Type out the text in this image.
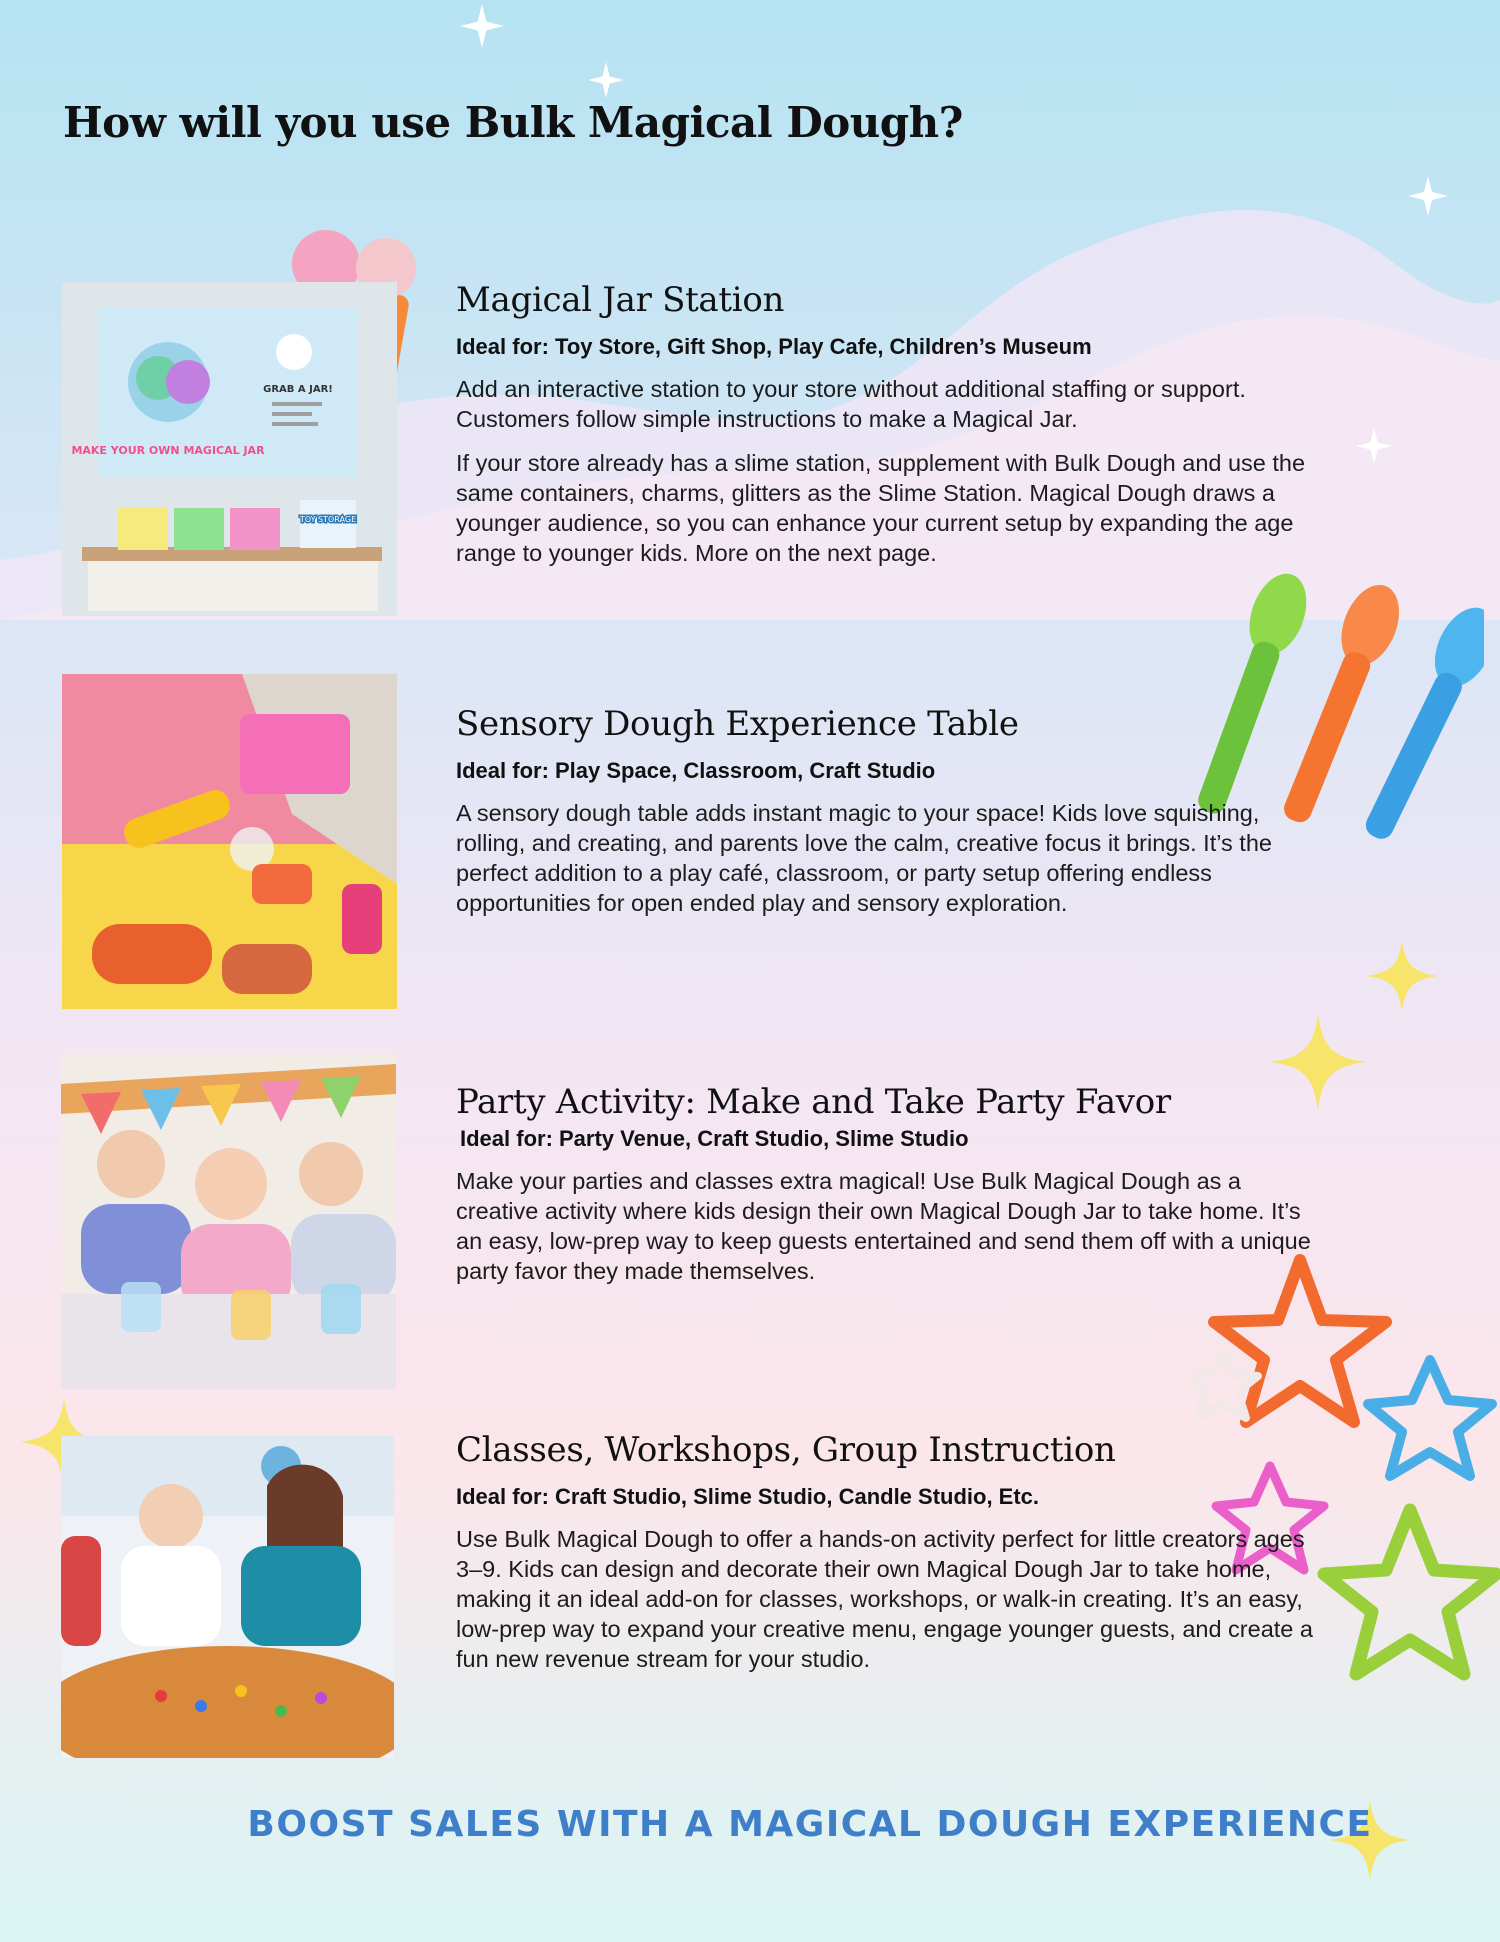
How will you use Bulk Magical Dough?
MAKE YOUR OWN MAGICAL JAR
GRAB A JAR!
TOY STORAGE
Magical Jar Station

Ideal for: Toy Store, Gift Shop, Play Cafe, Children’s Museum

Add an interactive station to your store without additional staffing or support. Customers follow simple instructions to make a Magical Jar.

If your store already has a slime station, supplement with Bulk Dough and use the same containers, charms, glitters as the Slime Station. Magical Dough draws a younger audience, so you can enhance your current setup by expanding the age range to younger kids. More on the next page.

Sensory Dough Experience Table

Ideal for: Play Space, Classroom, Craft Studio

A sensory dough table adds instant magic to your space! Kids love squishing, rolling, and creating, and parents love the calm, creative focus it brings. It’s the perfect addition to a play café, classroom, or party setup offering endless opportunities for open ended play and sensory exploration.

Party Activity: Make and Take Party Favor

Ideal for: Party Venue, Craft Studio, Slime Studio

Make your parties and classes extra magical! Use Bulk Magical Dough as a creative activity where kids design their own Magical Dough Jar to take home. It’s an easy, low-prep way to keep guests entertained and send them off with a unique party favor they made themselves.

Classes, Workshops, Group Instruction

Ideal for: Craft Studio, Slime Studio, Candle Studio, Etc.

Use Bulk Magical Dough to offer a hands-on activity perfect for little creators ages 3–9. Kids can design and decorate their own Magical Dough Jar to take home, making it an ideal add-on for classes, workshops, or walk-in creating. It’s an easy, low-prep way to expand your creative menu, engage younger guests, and create a fun new revenue stream for your studio.

BOOST SALES WITH A MAGICAL DOUGH EXPERIENCE
